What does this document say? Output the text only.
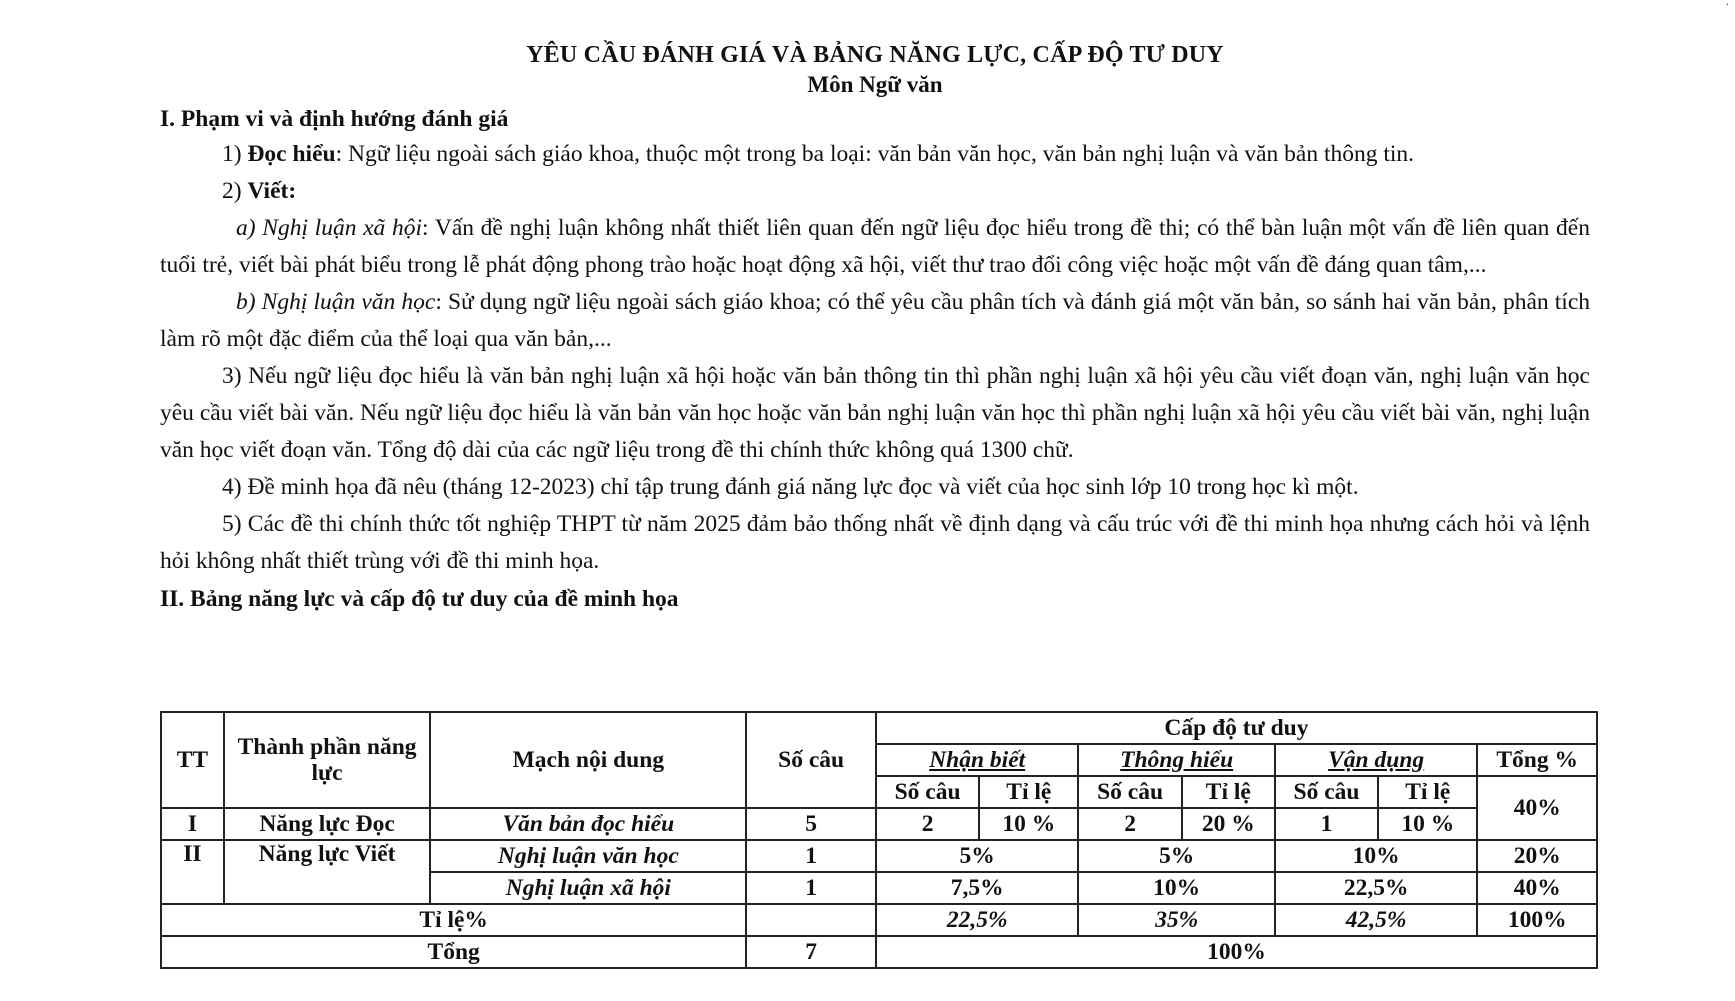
·
YÊU CẦU ĐÁNH GIÁ VÀ BẢNG NĂNG LỰC, CẤP ĐỘ TƯ DUY
Môn Ngữ văn
I. Phạm vi và định hướng đánh giá

1) Đọc hiểu: Ngữ liệu ngoài sách giáo khoa, thuộc một trong ba loại: văn bản văn học, văn bản nghị luận và văn bản thông tin.

2) Viết:

a) Nghị luận xã hội: Vấn đề nghị luận không nhất thiết liên quan đến ngữ liệu đọc hiểu trong đề thi; có thể bàn luận một vấn đề liên quan đến tuổi trẻ, viết bài phát biểu trong lễ phát động phong trào hoặc hoạt động xã hội, viết thư trao đổi công việc hoặc một vấn đề đáng quan tâm,...

b) Nghị luận văn học: Sử dụng ngữ liệu ngoài sách giáo khoa; có thể yêu cầu phân tích và đánh giá một văn bản, so sánh hai văn bản, phân tích làm rõ một đặc điểm của thể loại qua văn bản,...

3) Nếu ngữ liệu đọc hiểu là văn bản nghị luận xã hội hoặc văn bản thông tin thì phần nghị luận xã hội yêu cầu viết đoạn văn, nghị luận văn học yêu cầu viết bài văn. Nếu ngữ liệu đọc hiểu là văn bản văn học hoặc văn bản nghị luận văn học thì phần nghị luận xã hội yêu cầu viết bài văn, nghị luận văn học viết đoạn văn. Tổng độ dài của các ngữ liệu trong đề thi chính thức không quá 1300 chữ.

4) Đề minh họa đã nêu (tháng 12-2023) chỉ tập trung đánh giá năng lực đọc và viết của học sinh lớp 10 trong học kì một.

5) Các đề thi chính thức tốt nghiệp THPT từ năm 2025 đảm bảo thống nhất về định dạng và cấu trúc với đề thi minh họa nhưng cách hỏi và lệnh hỏi không nhất thiết trùng với đề thi minh họa.

II. Bảng năng lực và cấp độ tư duy của đề minh họa
TT	Thành phần năng lực	Mạch nội dung	Số câu	Cấp độ tư duy						
				Nhận biết		Thông hiểu		Vận dụng		Tổng %
				Số câu	Tỉ lệ	Số câu	Tỉ lệ	Số câu	Tỉ lệ	40%
I	Năng lực Đọc	Văn bản đọc hiểu	5	2	10 %	2	20 %	1	10 %	
II	Năng lực Viết	Nghị luận văn học	1	5%		5%		10%		20%
		Nghị luận xã hội	1	7,5%		10%		22,5%		40%
Tỉ lệ%				22,5%		35%		42,5%		100%
Tổng			7	100%						
